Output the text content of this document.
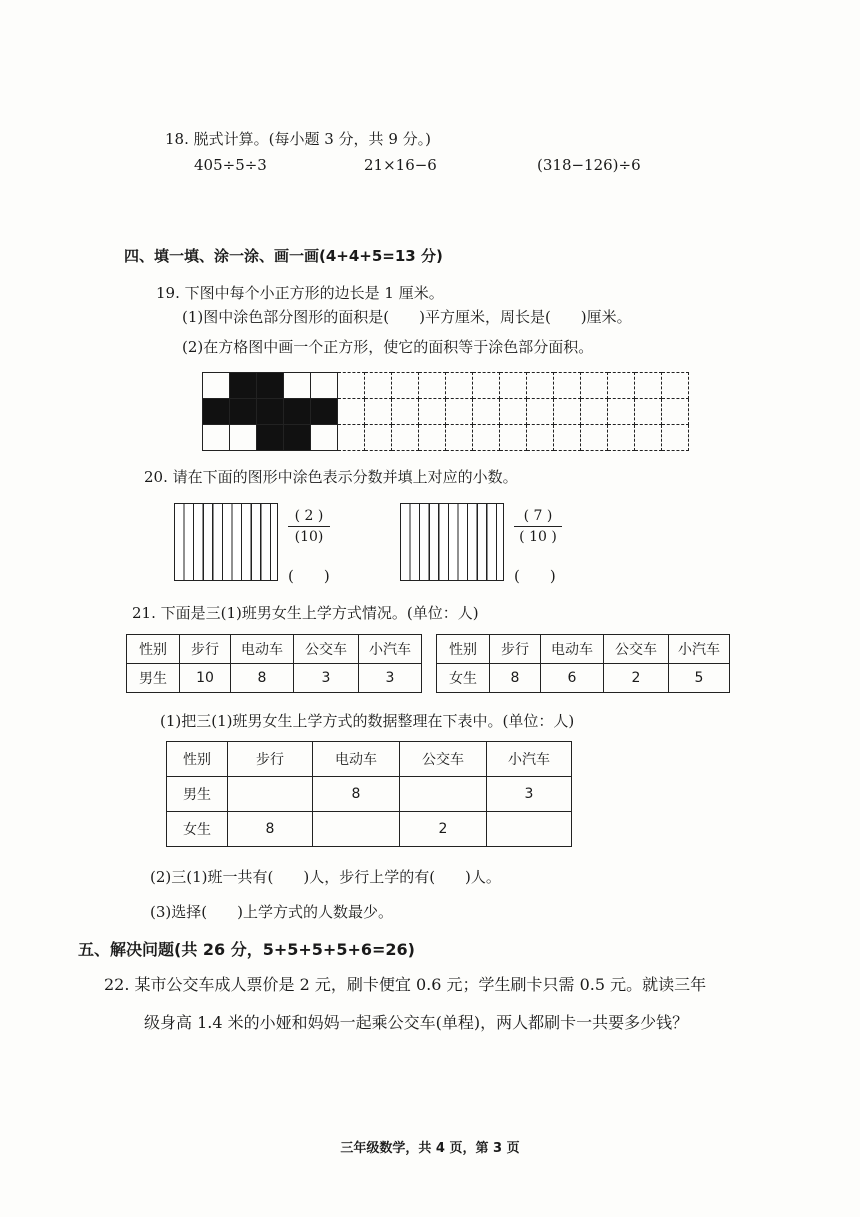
18. 脱式计算。(每小题 3 分，共 9 分。)
405÷5÷3	21×16−6	(318−126)÷6
四、填一填、涂一涂、画一画(4+4+5=13 分)
19. 下图中每个小正方形的边长是 1 厘米。
(1)图中涂色部分图形的面积是(　　)平方厘米，周长是(　　)厘米。
(2)在方格图中画一个正方形，使它的面积等于涂色部分面积。

20. 请在下面的图形中涂色表示分数并填上对应的小数。
( 2 )
(10)
(　　)
( 7 )
( 10 )
(　　)
21. 下面是三(1)班男女生上学方式情况。(单位：人)
性别	步行	电动车	公交车	小汽车
男生	10	8	3	3
性别	步行	电动车	公交车	小汽车
女生	8	6	2	5
(1)把三(1)班男女生上学方式的数据整理在下表中。(单位：人)
性别	步行	电动车	公交车	小汽车
男生		8		3
女生	8		2	
(2)三(1)班一共有(　　)人，步行上学的有(　　)人。
(3)选择(　　)上学方式的人数最少。
五、解决问题(共 26 分，5+5+5+5+6=26)
22. 某市公交车成人票价是 2 元，刷卡便宜 0.6 元；学生刷卡只需 0.5 元。就读三年
级身高 1.4 米的小娅和妈妈一起乘公交车(单程)，两人都刷卡一共要多少钱？
三年级数学，共 4 页，第 3 页
